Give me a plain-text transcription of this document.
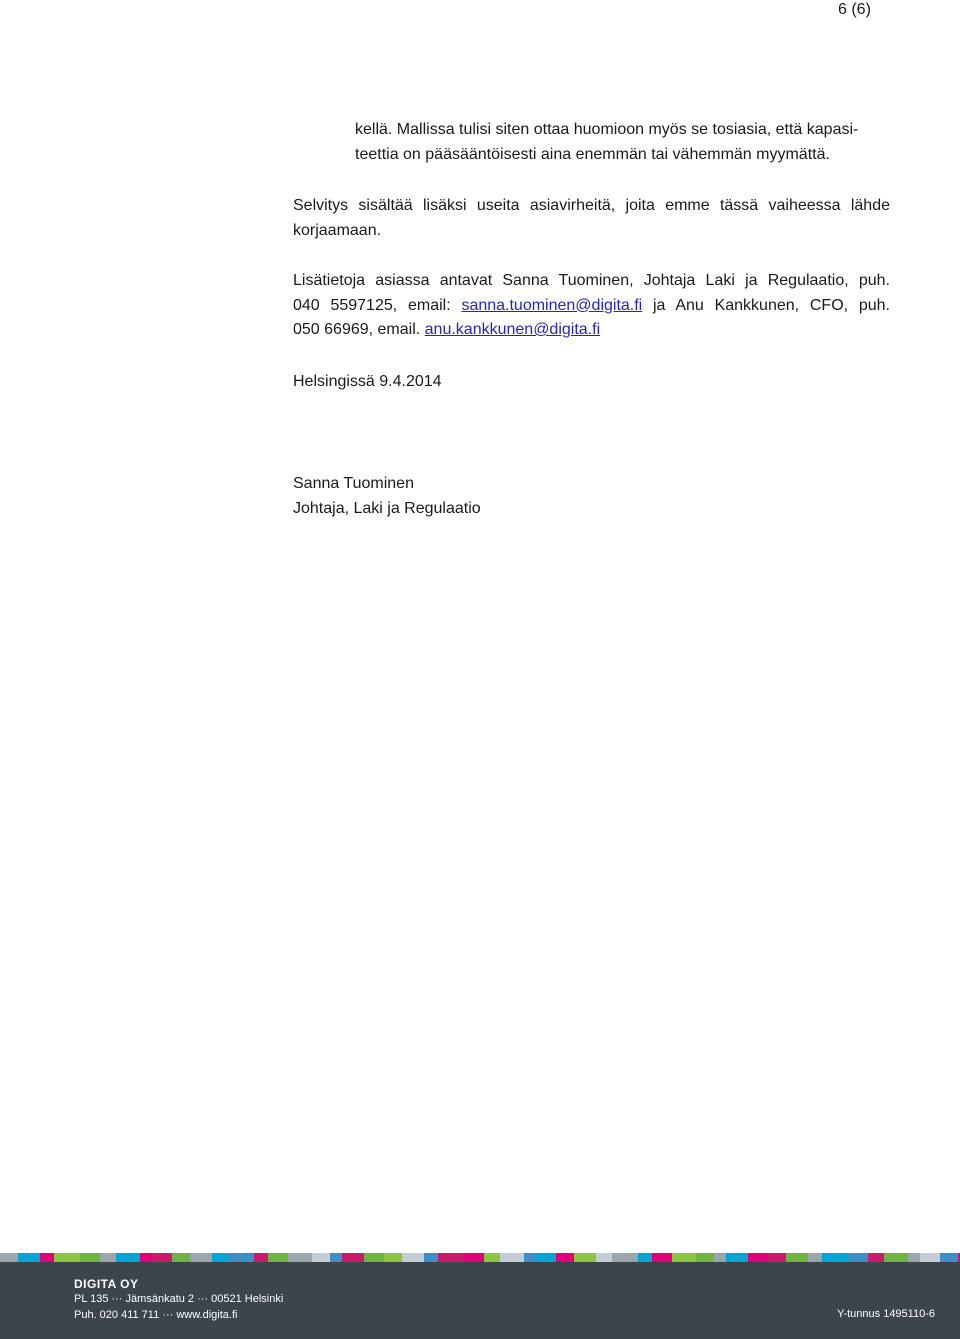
6 (6)
kellä. Mallissa tulisi siten ottaa huomioon myös se tosiasia, että kapasi-
teettia on pääsääntöisesti aina enemmän tai vähemmän myymättä.
Selvitys sisältää lisäksi useita asiavirheitä, joita emme tässä vaiheessa lähde
korjaamaan.
Lisätietoja asiassa antavat Sanna Tuominen, Johtaja Laki ja Regulaatio, puh.
040 5597125, email: sanna.tuominen@digita.fi ja Anu Kankkunen, CFO, puh.
050 66969, email. anu.kankkunen@digita.fi
Helsingissä 9.4.2014
Sanna Tuominen
Johtaja, Laki ja Regulaatio
DIGITA OY
PL 135 ··· Jämsänkatu 2 ··· 00521 Helsinki
Puh. 020 411 711 ··· www.digita.fi	Y-tunnus 1495110-6
